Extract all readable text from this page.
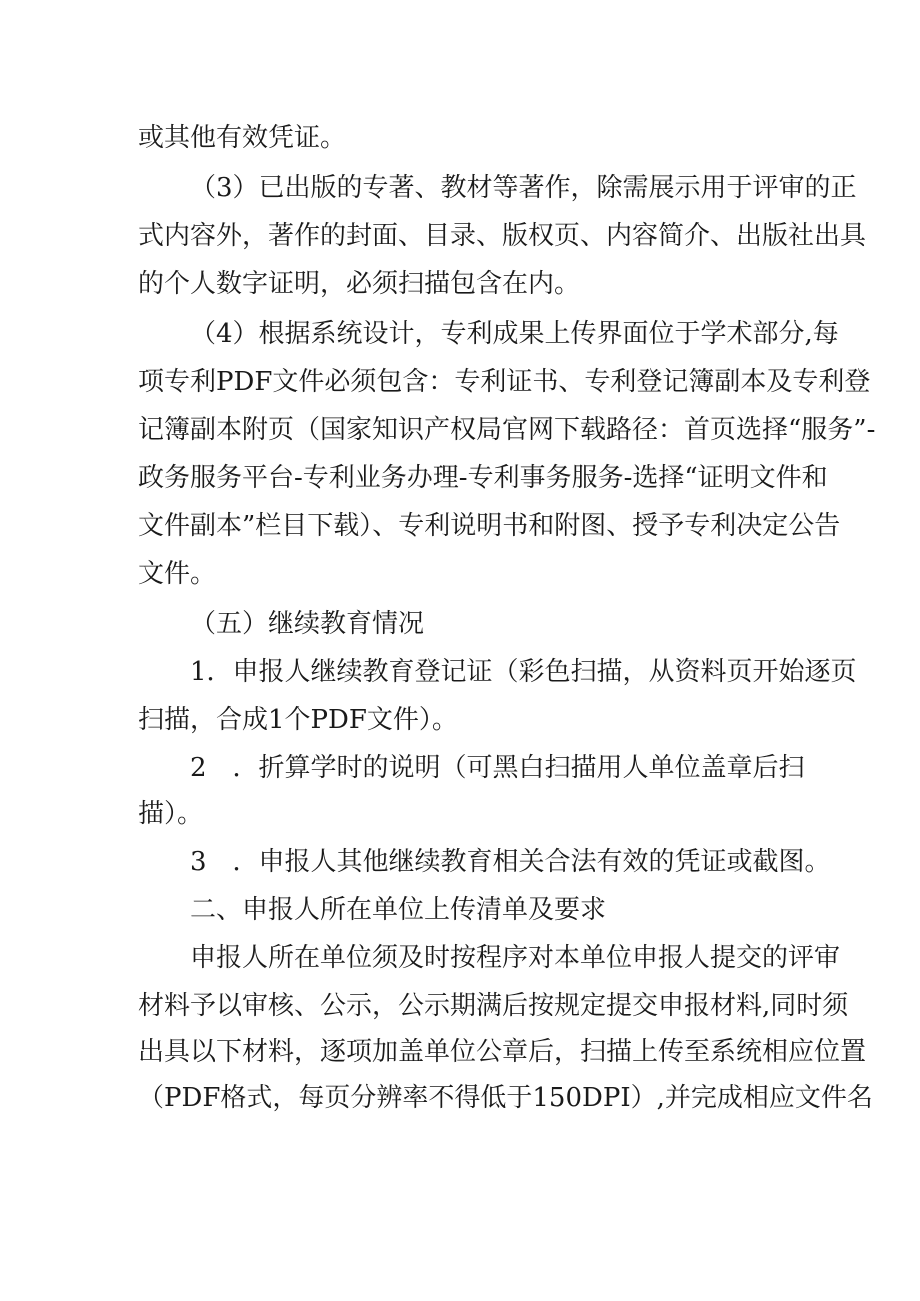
或其他有效凭证。
（3）已出版的专著、教材等著作，除需展示用于评审的正
式内容外，著作的封面、目录、版权页、内容简介、出版社出具
的个人数字证明，必须扫描包含在内。
（4）根据系统设计，专利成果上传界面位于学术部分,每
项专利PDF文件必须包含：专利证书、专利登记簿副本及专利登
记簿副本附页（国家知识产权局官网下载路径：首页选择“服务”-
政务服务平台-专利业务办理-专利事务服务-选择“证明文件和
文件副本”栏目下载）、专利说明书和附图、授予专利决定公告
文件。
（五）继续教育情况
1．申报人继续教育登记证（彩色扫描，从资料页开始逐页
扫描，合成1个PDF文件）。
2　．折算学时的说明（可黑白扫描用人单位盖章后扫
描）。
3　．申报人其他继续教育相关合法有效的凭证或截图。
二、申报人所在单位上传清单及要求
申报人所在单位须及时按程序对本单位申报人提交的评审
材料予以审核、公示，公示期满后按规定提交申报材料,同时须
出具以下材料，逐项加盖单位公章后，扫描上传至系统相应位置
（PDF格式，每页分辨率不得低于150DPI）,并完成相应文件名
